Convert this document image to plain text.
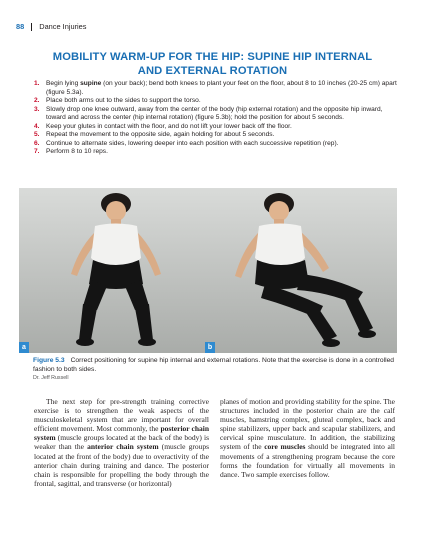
88 Dance Injuries
MOBILITY WARM-UP FOR THE HIP: SUPINE HIP INTERNAL
AND EXTERNAL ROTATION
1. Begin lying supine (on your back); bend both knees to plant your feet on the floor, about 8 to 10 inches (20-25 cm) apart (figure 5.3a).
2. Place both arms out to the sides to support the torso.
3. Slowly drop one knee outward, away from the center of the body (hip external rotation) and the opposite hip inward, toward and across the center (hip internal rotation) (figure 5.3b); hold the position for about 5 seconds.
4. Keep your glutes in contact with the floor, and do not lift your lower back off the floor.
5. Repeat the movement to the opposite side, again holding for about 5 seconds.
6. Continue to alternate sides, lowering deeper into each position with each successive repetition (rep).
7. Perform 8 to 10 reps.
a	b
Figure 5.3 Correct positioning for supine hip internal and external rotations. Note that the exercise is done in a controlled fashion to both sides.
Dr. Jeff Russell

The next step for pre-strength training corrective exercise is to strengthen the weak aspects of the musculoskeletal system that are important for overall efficient movement. Most commonly, the posterior chain system (muscle groups located at the back of the body) is weaker than the anterior chain system (muscle groups located at the front of the body) due to overactivity of the anterior chain during training and dance. The posterior chain is responsible for propelling the body through the frontal, sagittal, and transverse (or horizontal)

planes of motion and providing stability for the spine. The structures included in the posterior chain are the calf muscles, hamstring complex, gluteal complex, back and spine stabilizers, upper back and scapular stabilizers, and cervical spine musculature. In addition, the stabilizing system of the core muscles should be integrated into all movements of a strengthening program because the core forms the foundation for virtually all movements in dance. Two sample exercises follow.
